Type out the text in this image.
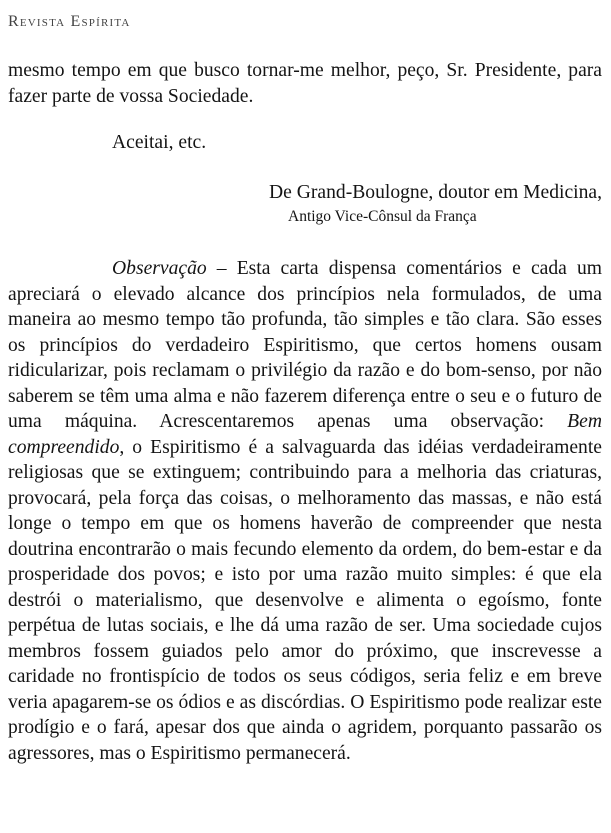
Revista Espírita

mesmo tempo em que busco tornar-me melhor, peço, Sr. Presidente, para fazer parte de vossa Sociedade.

Aceitai, etc.
De Grand-Boulogne, doutor em Medicina,
Antigo Vice-Cônsul da França

Observação – Esta carta dispensa comentários e cada um apreciará o elevado alcance dos princípios nela formulados, de uma maneira ao mesmo tempo tão profunda, tão simples e tão clara. São esses os princípios do verdadeiro Espiritismo, que certos homens ousam ridicularizar, pois reclamam o privilégio da razão e do bom-senso, por não saberem se têm uma alma e não fazerem diferença entre o seu e o futuro de uma máquina. Acrescentaremos apenas uma observação: Bem compreendido, o Espiritismo é a salvaguarda das idéias verdadeiramente religiosas que se extinguem; contribuindo para a melhoria das criaturas, provocará, pela força das coisas, o melhoramento das massas, e não está longe o tempo em que os homens haverão de compreender que nesta doutrina encontrarão o mais fecundo elemento da ordem, do bem-estar e da prosperidade dos povos; e isto por uma razão muito simples: é que ela destrói o materialismo, que desenvolve e alimenta o egoísmo, fonte perpétua de lutas sociais, e lhe dá uma razão de ser. Uma sociedade cujos membros fossem guiados pelo amor do próximo, que inscrevesse a caridade no frontispício de todos os seus códigos, seria feliz e em breve veria apagarem-se os ódios e as discórdias. O Espiritismo pode realizar este prodígio e o fará, apesar dos que ainda o agridem, porquanto passarão os agressores, mas o Espiritismo permanecerá.
